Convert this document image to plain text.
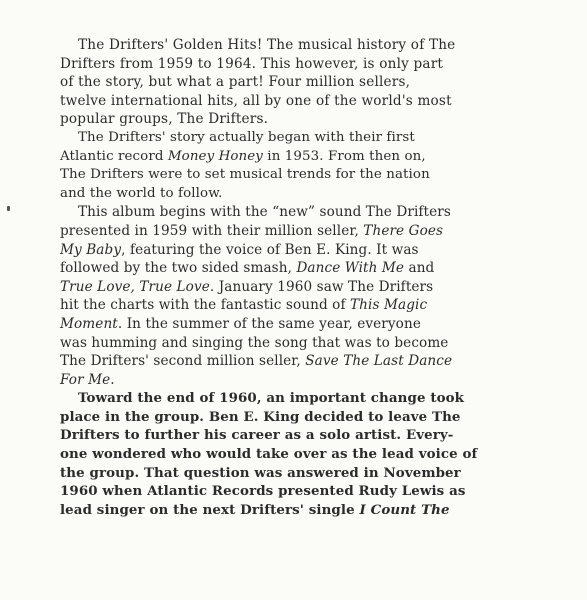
The Drifters' Golden Hits! The musical history of The
Drifters from 1959 to 1964. This however, is only part
of the story, but what a part! Four million sellers,
twelve international hits, all by one of the world's most
popular groups, The Drifters.
The Drifters' story actually began with their first
Atlantic record Money Honey in 1953. From then on,
The Drifters were to set musical trends for the nation
and the world to follow.
This album begins with the “new” sound The Drifters
presented in 1959 with their million seller, There Goes
My Baby, featuring the voice of Ben E. King. It was
followed by the two sided smash, Dance With Me and
True Love, True Love. January 1960 saw The Drifters
hit the charts with the fantastic sound of This Magic
Moment. In the summer of the same year, everyone
was humming and singing the song that was to become
The Drifters' second million seller, Save The Last Dance
For Me.
Toward the end of 1960, an important change took
place in the group. Ben E. King decided to leave The
Drifters to further his career as a solo artist. Every-
one wondered who would take over as the lead voice of
the group. That question was answered in November
1960 when Atlantic Records presented Rudy Lewis as
lead singer on the next Drifters' single I Count The
